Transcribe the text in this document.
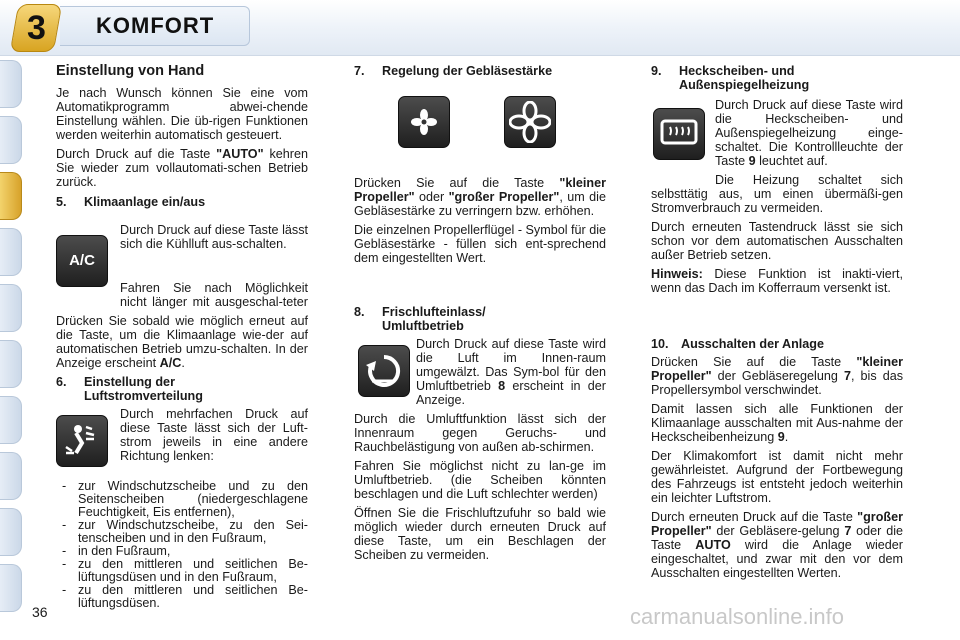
3 KOMFORT
Einstellung von Hand

Je nach Wunsch können Sie eine vom Automatikprogramm abwei-chende Einstellung wählen. Die üb-rigen Funktionen werden weiterhin automatisch gesteuert.

Durch Druck auf die Taste "AUTO" kehren Sie wieder zum vollautomati-schen Betrieb zurück.

5. Klimaanlage ein/aus
A/C

Durch Druck auf diese Taste lässt sich die Kühlluft aus-schalten.

Fahren Sie nach Möglichkeit nicht länger mit ausgeschal-teter

Drücken Sie sobald wie möglich erneut auf die Taste, um die Klimaanlage wie-der auf automatischen Betrieb umzu-schalten. In der Anzeige erscheint A/C.

6. Einstellung der
Luftstromverteilung

Durch mehrfachen Druck auf diese Taste lässt sich der Luft-strom jeweils in eine andere Richtung lenken:

- zur Windschutzscheibe und zu den Seitenscheiben (niedergeschlagene Feuchtigkeit, Eis entfernen),
- zur Windschutzscheibe, zu den Sei-tenscheiben und in den Fußraum,
- in den Fußraum,
- zu den mittleren und seitlichen Be-lüftungsdüsen und in den Fußraum,
- zu den mittleren und seitlichen Be-lüftungsdüsen.
7. Regelung der Gebläsestärke

Drücken Sie auf die Taste "kleiner Propeller" oder "großer Propeller", um die Gebläsestärke zu verringern bzw. erhöhen.

Die einzelnen Propellerflügel - Symbol für die Gebläsestärke - füllen sich ent-sprechend dem eingestellten Wert.

8. Frischlufteinlass/
Umluftbetrieb

Durch Druck auf diese Taste wird die Luft im Innen-raum umgewälzt. Das Sym-bol für den Umluftbetrieb 8 erscheint in der Anzeige.

Durch die Umluftfunktion lässt sich der Innenraum gegen Geruchs- und Rauchbelästigung von außen ab-schirmen.

Fahren Sie möglichst nicht zu lan-ge im Umluftbetrieb. (die Scheiben könnten beschlagen und die Luft schlechter werden)

Öffnen Sie die Frischluftzufuhr so bald wie möglich wieder durch erneuten Druck auf diese Taste, um ein Beschlagen der Scheiben zu vermeiden.

9. Heckscheiben- und
Außenspiegelheizung

Durch Druck auf diese Taste wird die Heckscheiben- und Außenspiegelheizung einge-schaltet. Die Kontrollleuchte der Taste 9 leuchtet auf.

Die Heizung schaltet sich selbsttätig aus, um einen übermäßi-gen Stromverbrauch zu vermeiden.

Durch erneuten Tastendruck lässt sie sich schon vor dem automatischen Ausschalten außer Betrieb setzen.

Hinweis: Diese Funktion ist inakti-viert, wenn das Dach im Kofferraum versenkt ist.

10. Ausschalten der Anlage

Drücken Sie auf die Taste "kleiner Propeller" der Gebläseregelung 7, bis das Propellersymbol verschwindet.

Damit lassen sich alle Funktionen der Klimaanlage ausschalten mit Aus-nahme der Heckscheibenheizung 9.

Der Klimakomfort ist damit nicht mehr gewährleistet. Aufgrund der Fortbewegung des Fahrzeugs ist entsteht jedoch weiterhin ein leichter Luftstrom.

Durch erneuten Druck auf die Taste "großer Propeller" der Gebläsere-gelung 7 oder die Taste AUTO wird die Anlage wieder eingeschaltet, und zwar mit den vor dem Ausschalten eingestellten Werten.

36	carmanualsonline.info
